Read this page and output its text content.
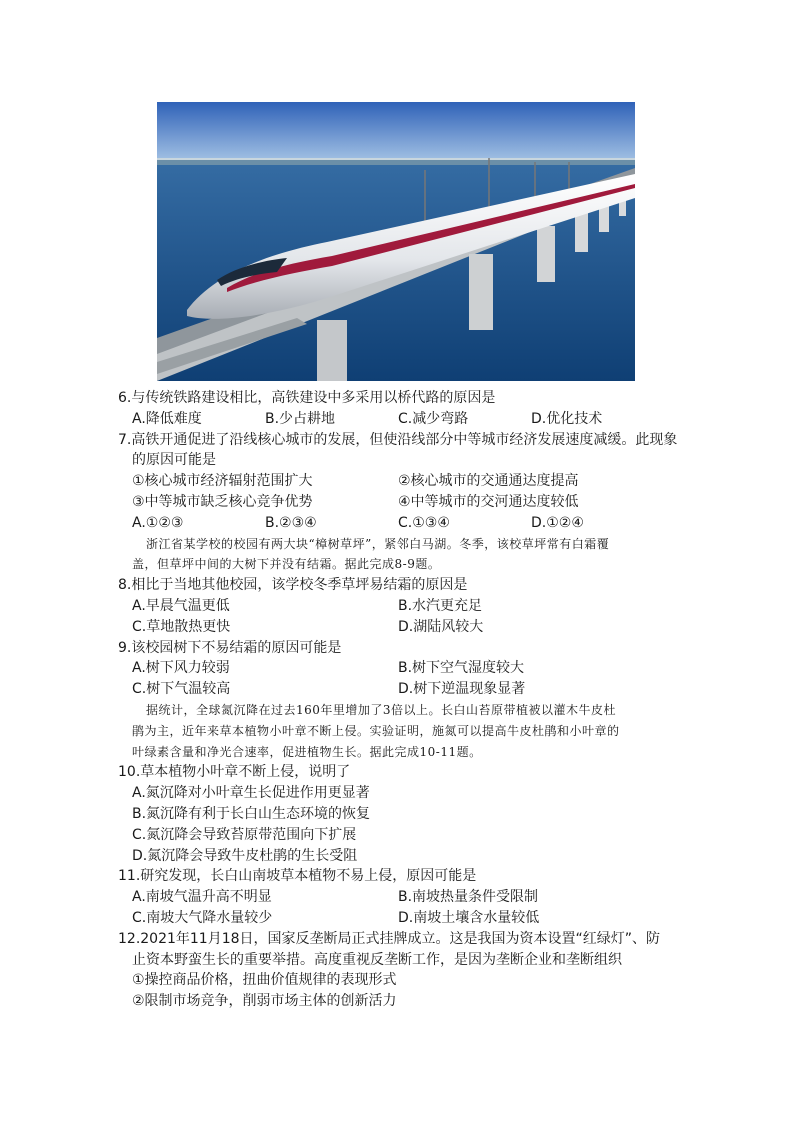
6.与传统铁路建设相比，高铁建设中多采用以桥代路的原因是
A.降低难度	B.少占耕地	C.减少弯路	D.优化技术
7.高铁开通促进了沿线核心城市的发展，但使沿线部分中等城市经济发展速度减缓。此现象
的原因可能是
①核心城市经济辐射范围扩大	②核心城市的交通通达度提高
③中等城市缺乏核心竞争优势	④中等城市的交河通达度较低
A.①②③	B.②③④	C.①③④	D.①②④
浙江省某学校的校园有两大块“樟树草坪”，紧邻白马湖。冬季，该校草坪常有白霜覆
盖，但草坪中间的大树下并没有结霜。据此完成8-9题。
8.相比于当地其他校园，该学校冬季草坪易结霜的原因是
A.早晨气温更低	B.水汽更充足
C.草地散热更快	D.湖陆风较大
9.该校园树下不易结霜的原因可能是
A.树下风力较弱	B.树下空气湿度较大
C.树下气温较高	D.树下逆温现象显著
据统计，全球氮沉降在过去160年里增加了3倍以上。长白山苔原带植被以灌木牛皮杜
鹃为主，近年来草本植物小叶章不断上侵。实验证明，施氮可以提高牛皮杜鹃和小叶章的
叶绿素含量和净光合速率，促进植物生长。据此完成10-11题。
10.草本植物小叶章不断上侵，说明了
A.氮沉降对小叶章生长促进作用更显著
B.氮沉降有利于长白山生态环境的恢复
C.氮沉降会导致苔原带范围向下扩展
D.氮沉降会导致牛皮杜鹃的生长受阻
11.研究发现，长白山南坡草本植物不易上侵，原因可能是
A.南坡气温升高不明显	B.南坡热量条件受限制
C.南坡大气降水量较少	D.南坡土壤含水量较低
12.2021年11月18日，国家反垄断局正式挂牌成立。这是我国为资本设置“红绿灯”、防
止资本野蛮生长的重要举措。高度重视反垄断工作，是因为垄断企业和垄断组织
①操控商品价格，扭曲价值规律的表现形式
②限制市场竞争，削弱市场主体的创新活力
